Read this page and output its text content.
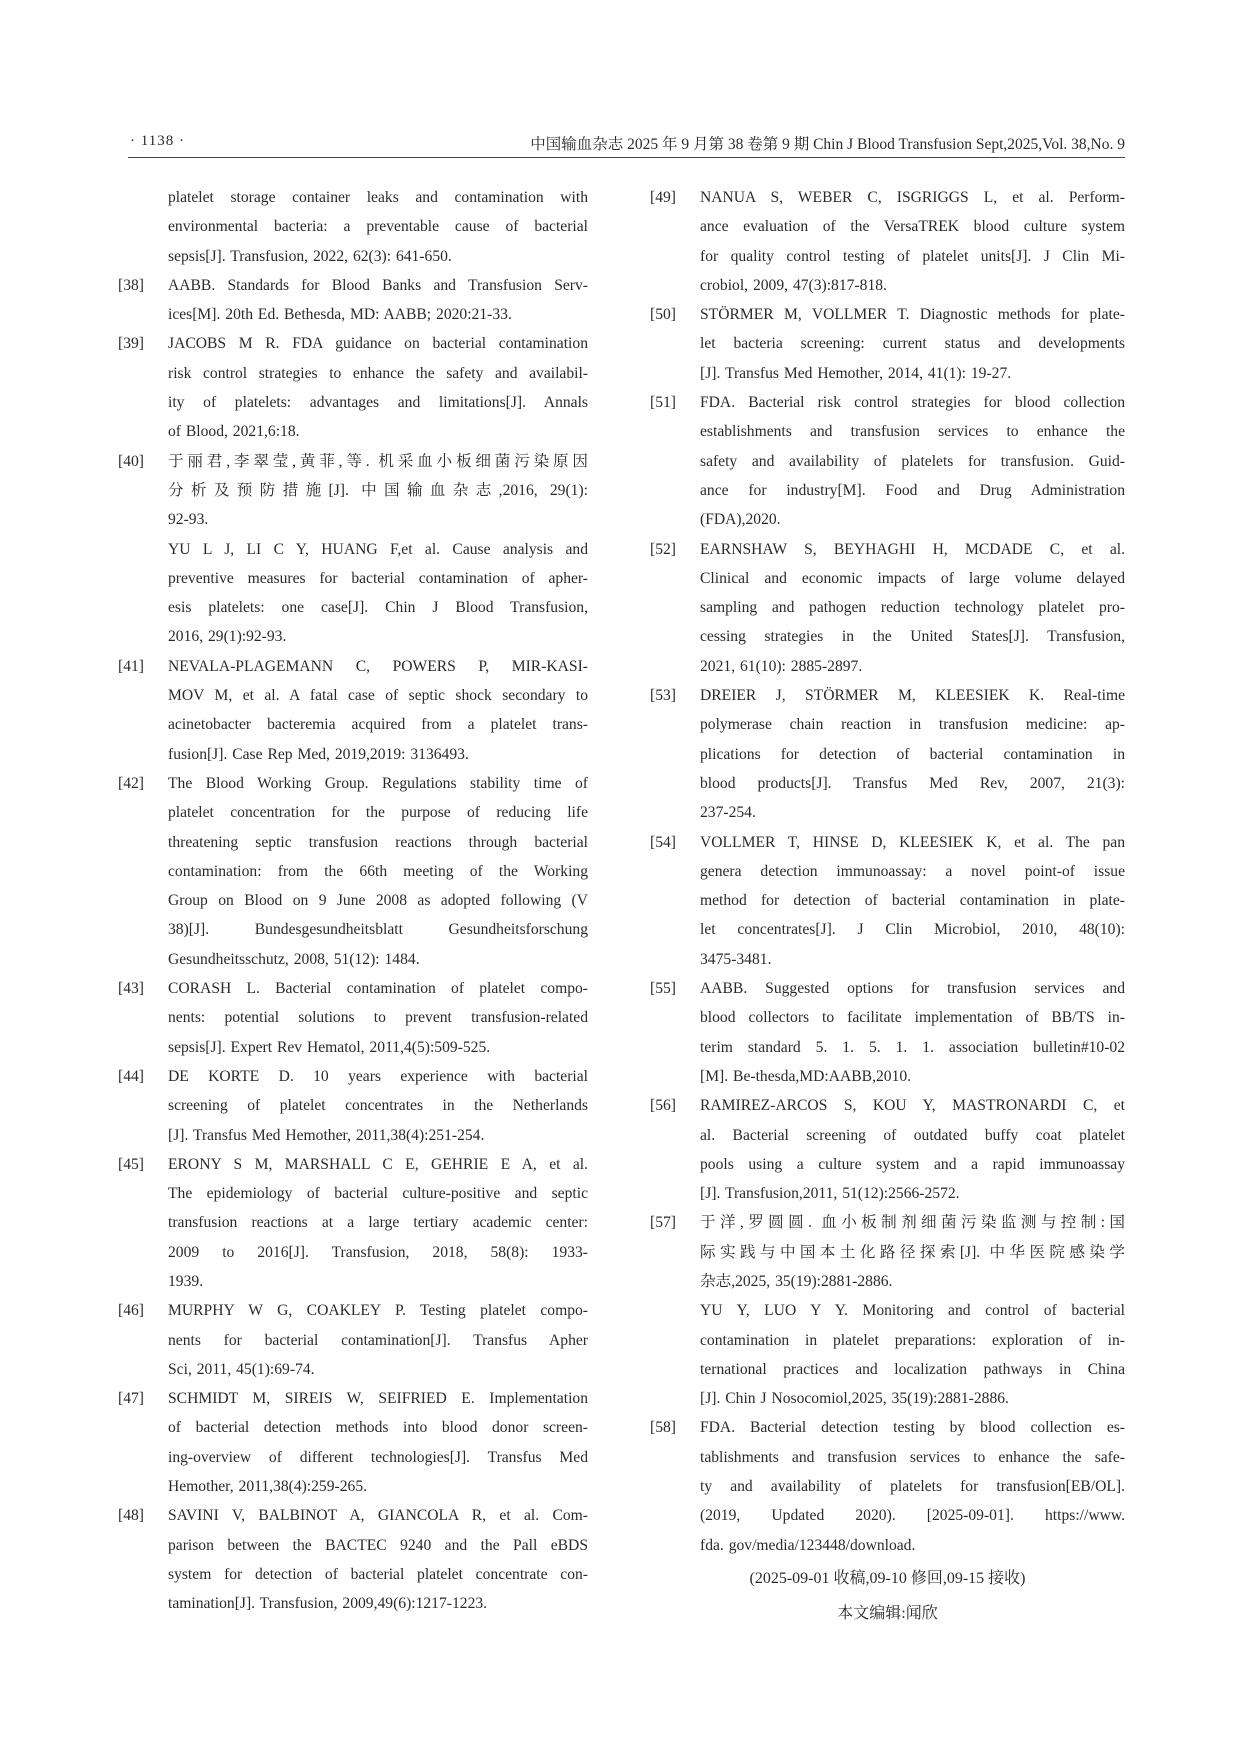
· 1138 ·	中国输血杂志 2025 年 9 月第 38 卷第 9 期 Chin J Blood Transfusion Sept,2025,Vol. 38,No. 9
platelet storage container leaks and contamination with
environmental bacteria: a preventable cause of bacterial
sepsis[J]. Transfusion, 2022, 62(3): 641-650.
[38] AABB. Standards for Blood Banks and Transfusion Serv-
ices[M]. 20th Ed. Bethesda, MD: AABB; 2020:21-33.
[39] JACOBS M R. FDA guidance on bacterial contamination
risk control strategies to enhance the safety and availabil-
ity of platelets: advantages and limitations[J]. Annals
of Blood, 2021,6:18.
[40] 于丽君,李翠莹,黄菲,等. 机采血小板细菌污染原因
分析及预防措施[J]. 中国输血杂志,2016, 29(1):
92-93.
YU L J, LI C Y, HUANG F,et al. Cause analysis and
preventive measures for bacterial contamination of apher-
esis platelets: one case[J]. Chin J Blood Transfusion,
2016, 29(1):92-93.
[41] NEVALA-PLAGEMANN C, POWERS P, MIR-KASI-
MOV M, et al. A fatal case of septic shock secondary to
acinetobacter bacteremia acquired from a platelet trans-
fusion[J]. Case Rep Med, 2019,2019: 3136493.
[42] The Blood Working Group. Regulations stability time of
platelet concentration for the purpose of reducing life
threatening septic transfusion reactions through bacterial
contamination: from the 66th meeting of the Working
Group on Blood on 9 June 2008 as adopted following (V
38)[J]. Bundesgesundheitsblatt Gesundheitsforschung
Gesundheitsschutz, 2008, 51(12): 1484.
[43] CORASH L. Bacterial contamination of platelet compo-
nents: potential solutions to prevent transfusion-related
sepsis[J]. Expert Rev Hematol, 2011,4(5):509-525.
[44] DE KORTE D. 10 years experience with bacterial
screening of platelet concentrates in the Netherlands
[J]. Transfus Med Hemother, 2011,38(4):251-254.
[45] ERONY S M, MARSHALL C E, GEHRIE E A, et al.
The epidemiology of bacterial culture-positive and septic
transfusion reactions at a large tertiary academic center:
2009 to 2016[J]. Transfusion, 2018, 58(8): 1933-
1939.
[46] MURPHY W G, COAKLEY P. Testing platelet compo-
nents for bacterial contamination[J]. Transfus Apher
Sci, 2011, 45(1):69-74.
[47] SCHMIDT M, SIREIS W, SEIFRIED E. Implementation
of bacterial detection methods into blood donor screen-
ing-overview of different technologies[J]. Transfus Med
Hemother, 2011,38(4):259-265.
[48] SAVINI V, BALBINOT A, GIANCOLA R, et al. Com-
parison between the BACTEC 9240 and the Pall eBDS
system for detection of bacterial platelet concentrate con-
tamination[J]. Transfusion, 2009,49(6):1217-1223.
[49] NANUA S, WEBER C, ISGRIGGS L, et al. Perform-
ance evaluation of the VersaTREK blood culture system
for quality control testing of platelet units[J]. J Clin Mi-
crobiol, 2009, 47(3):817-818.
[50] STÖRMER M, VOLLMER T. Diagnostic methods for plate-
let bacteria screening: current status and developments
[J]. Transfus Med Hemother, 2014, 41(1): 19-27.
[51] FDA. Bacterial risk control strategies for blood collection
establishments and transfusion services to enhance the
safety and availability of platelets for transfusion. Guid-
ance for industry[M]. Food and Drug Administration
(FDA),2020.
[52] EARNSHAW S, BEYHAGHI H, MCDADE C, et al.
Clinical and economic impacts of large volume delayed
sampling and pathogen reduction technology platelet pro-
cessing strategies in the United States[J]. Transfusion,
2021, 61(10): 2885-2897.
[53] DREIER J, STÖRMER M, KLEESIEK K. Real-time
polymerase chain reaction in transfusion medicine: ap-
plications for detection of bacterial contamination in
blood products[J]. Transfus Med Rev, 2007, 21(3):
237-254.
[54] VOLLMER T, HINSE D, KLEESIEK K, et al. The pan
genera detection immunoassay: a novel point-of issue
method for detection of bacterial contamination in plate-
let concentrates[J]. J Clin Microbiol, 2010, 48(10):
3475-3481.
[55] AABB. Suggested options for transfusion services and
blood collectors to facilitate implementation of BB/TS in-
terim standard 5. 1. 5. 1. 1. association bulletin#10-02
[M]. Be-thesda,MD:AABB,2010.
[56] RAMIREZ-ARCOS S, KOU Y, MASTRONARDI C, et
al. Bacterial screening of outdated buffy coat platelet
pools using a culture system and a rapid immunoassay
[J]. Transfusion,2011, 51(12):2566-2572.
[57] 于洋,罗圆圆. 血小板制剂细菌污染监测与控制:国
际实践与中国本土化路径探索[J]. 中华医院感染学
杂志,2025, 35(19):2881-2886.
YU Y, LUO Y Y. Monitoring and control of bacterial
contamination in platelet preparations: exploration of in-
ternational practices and localization pathways in China
[J]. Chin J Nosocomiol,2025, 35(19):2881-2886.
[58] FDA. Bacterial detection testing by blood collection es-
tablishments and transfusion services to enhance the safe-
ty and availability of platelets for transfusion[EB/OL].
(2019, Updated 2020). [2025-09-01]. https://www.
fda. gov/media/123448/download.
(2025-09-01 收稿,09-10 修回,09-15 接收)
本文编辑:闻欣
